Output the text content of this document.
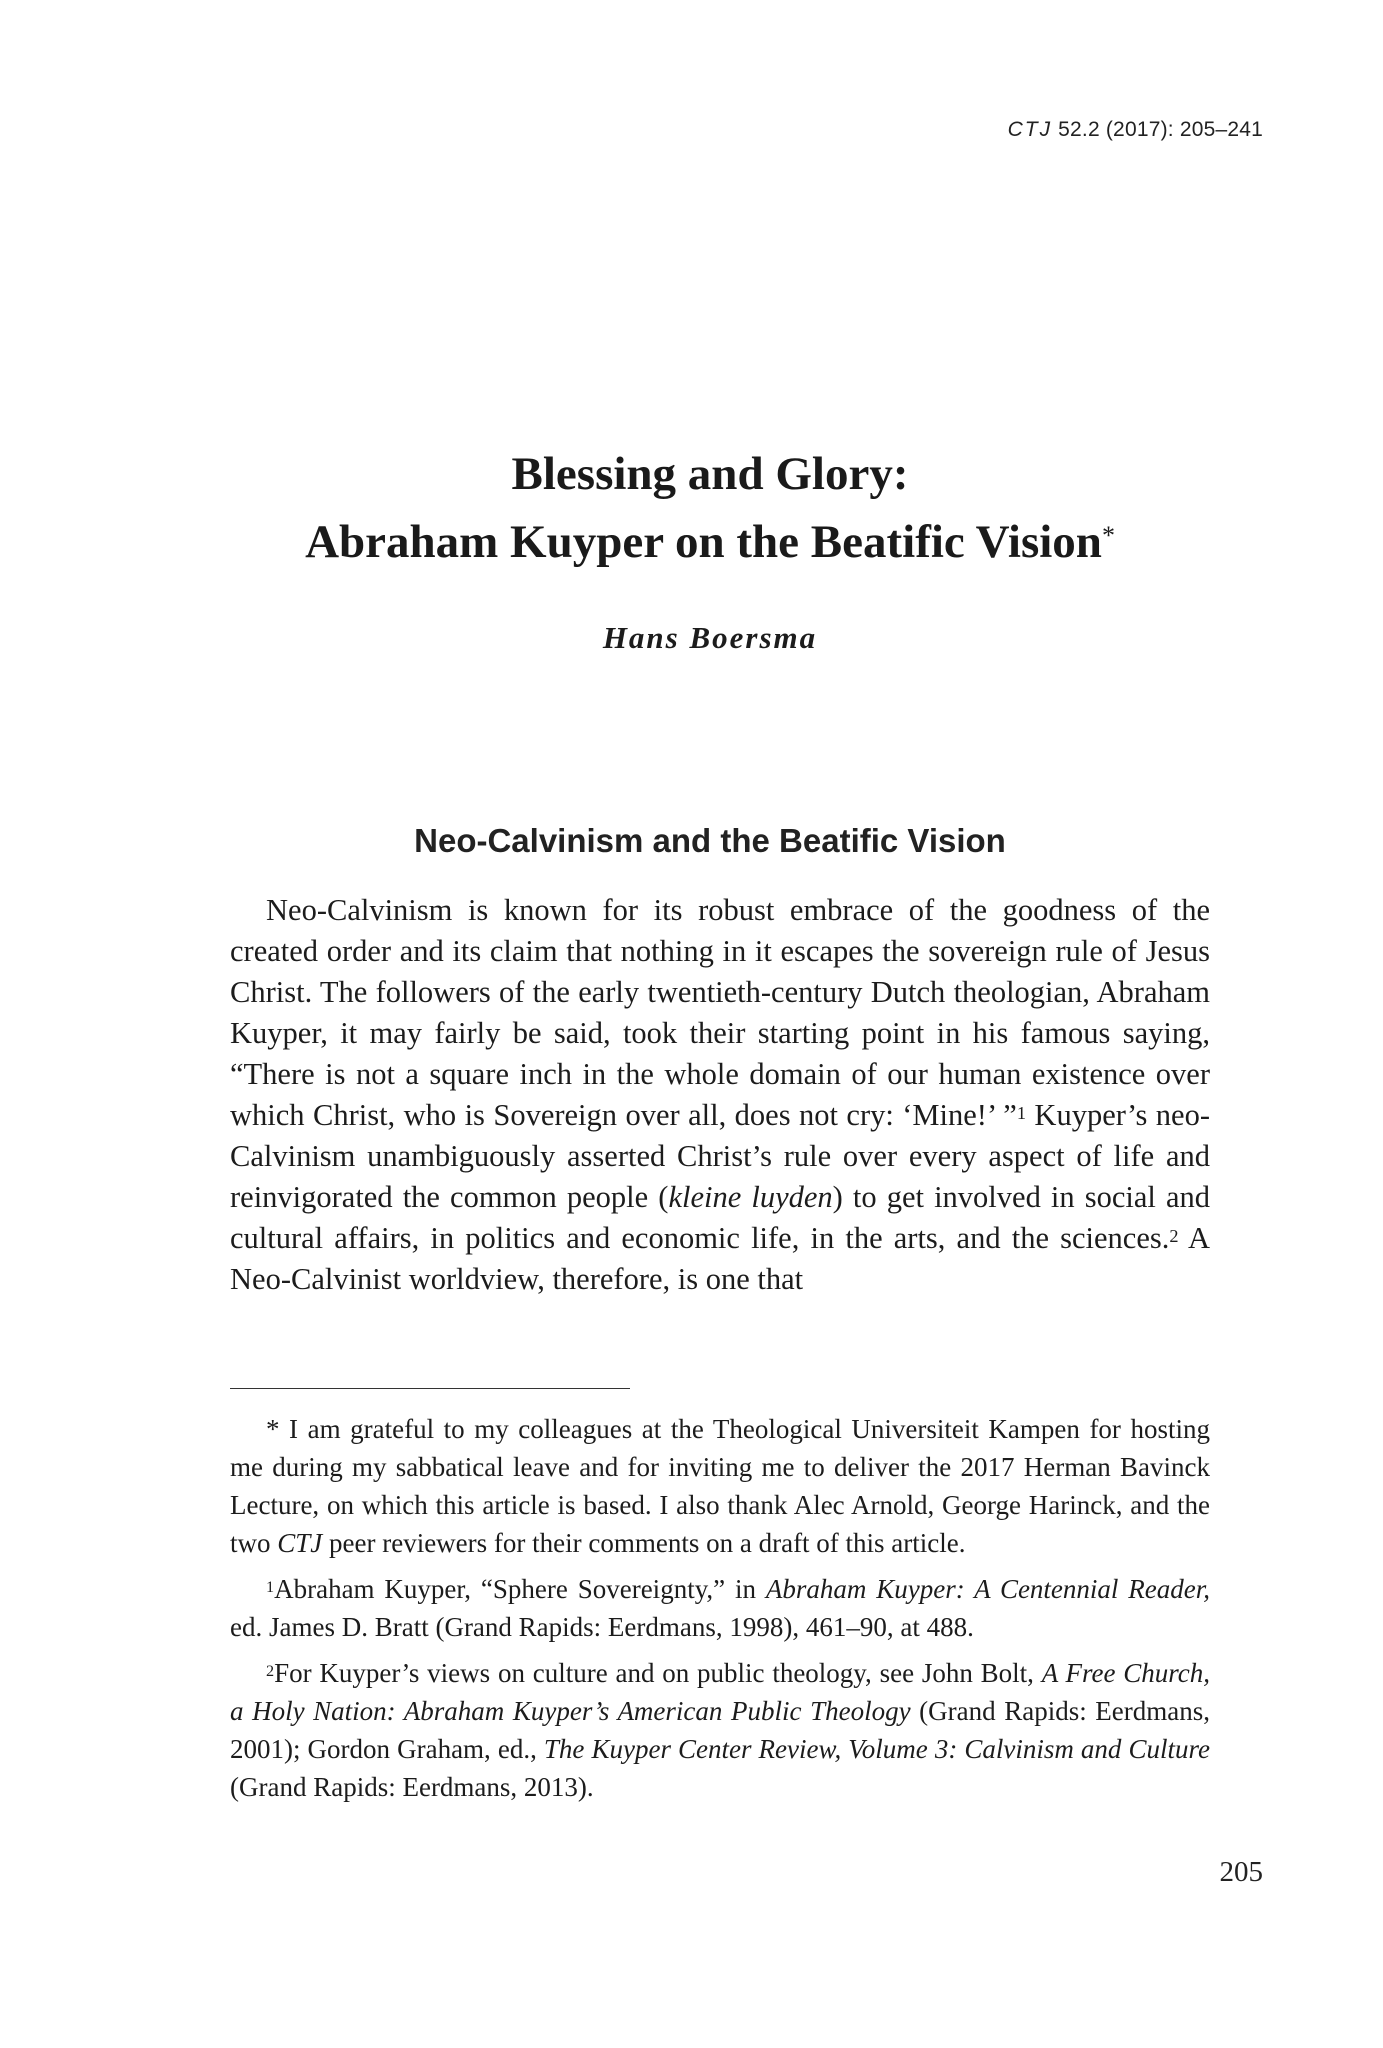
CTJ 52.2 (2017): 205–241
Blessing and Glory:
Abraham Kuyper on the Beatific Vision*
Hans Boersma
Neo-Calvinism and the Beatific Vision

Neo-Calvinism is known for its robust embrace of the goodness of the created order and its claim that nothing in it escapes the sovereign rule of Jesus Christ. The followers of the early twentieth-century Dutch theologian, Abraham Kuyper, it may fairly be said, took their starting point in his famous saying, “There is not a square inch in the whole domain of our human existence over which Christ, who is Sovereign over all, does not cry: ‘Mine!’ ”$^1$ Kuyper’s neo-Calvinism unambiguously asserted Christ’s rule over every aspect of life and reinvigorated the common people (kleine luyden) to get involved in social and cultural affairs, in politics and economic life, in the arts, and the sciences.$^2$ A Neo-Calvinist worldview, therefore, is one that

* I am grateful to my colleagues at the Theological Universiteit Kampen for hosting me during my sabbatical leave and for inviting me to deliver the 2017 Herman Bavinck Lecture, on which this article is based. I also thank Alec Arnold, George Harinck, and the two CTJ peer reviewers for their comments on a draft of this article.

$^1$Abraham Kuyper, “Sphere Sovereignty,” in Abraham Kuyper: A Centennial Reader, ed. James D. Bratt (Grand Rapids: Eerdmans, 1998), 461–90, at 488.

$^2$For Kuyper’s views on culture and on public theology, see John Bolt, A Free Church, a Holy Nation: Abraham Kuyper’s American Public Theology (Grand Rapids: Eerdmans, 2001); Gordon Graham, ed., The Kuyper Center Review, Volume 3: Calvinism and Culture (Grand Rapids: Eerdmans, 2013).

205
